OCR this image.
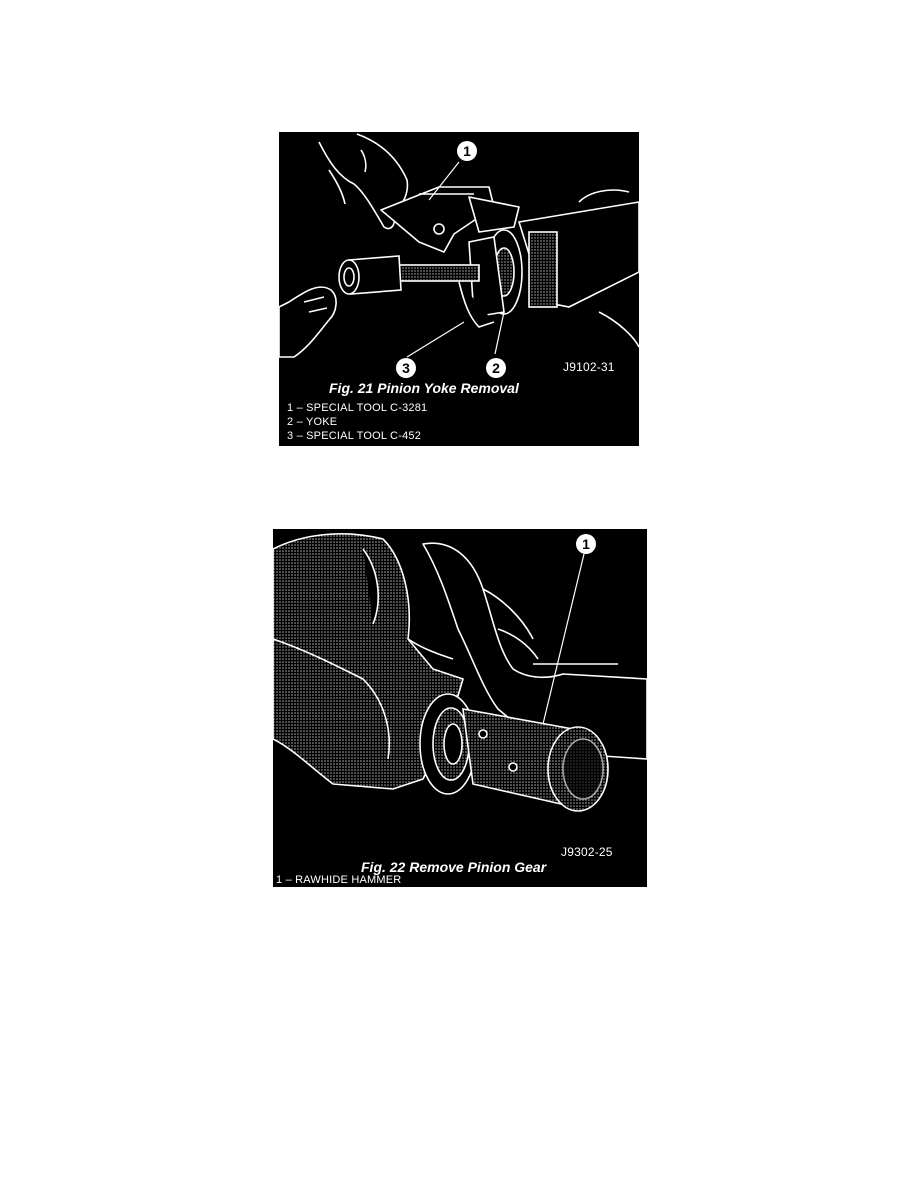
1
3	2	J9102-31
Fig. 21 Pinion Yoke Removal
1 – SPECIAL TOOL C-3281
2 – YOKE
3 – SPECIAL TOOL C-452
1
J9302-25
Fig. 22 Remove Pinion Gear
1 – RAWHIDE HAMMER
